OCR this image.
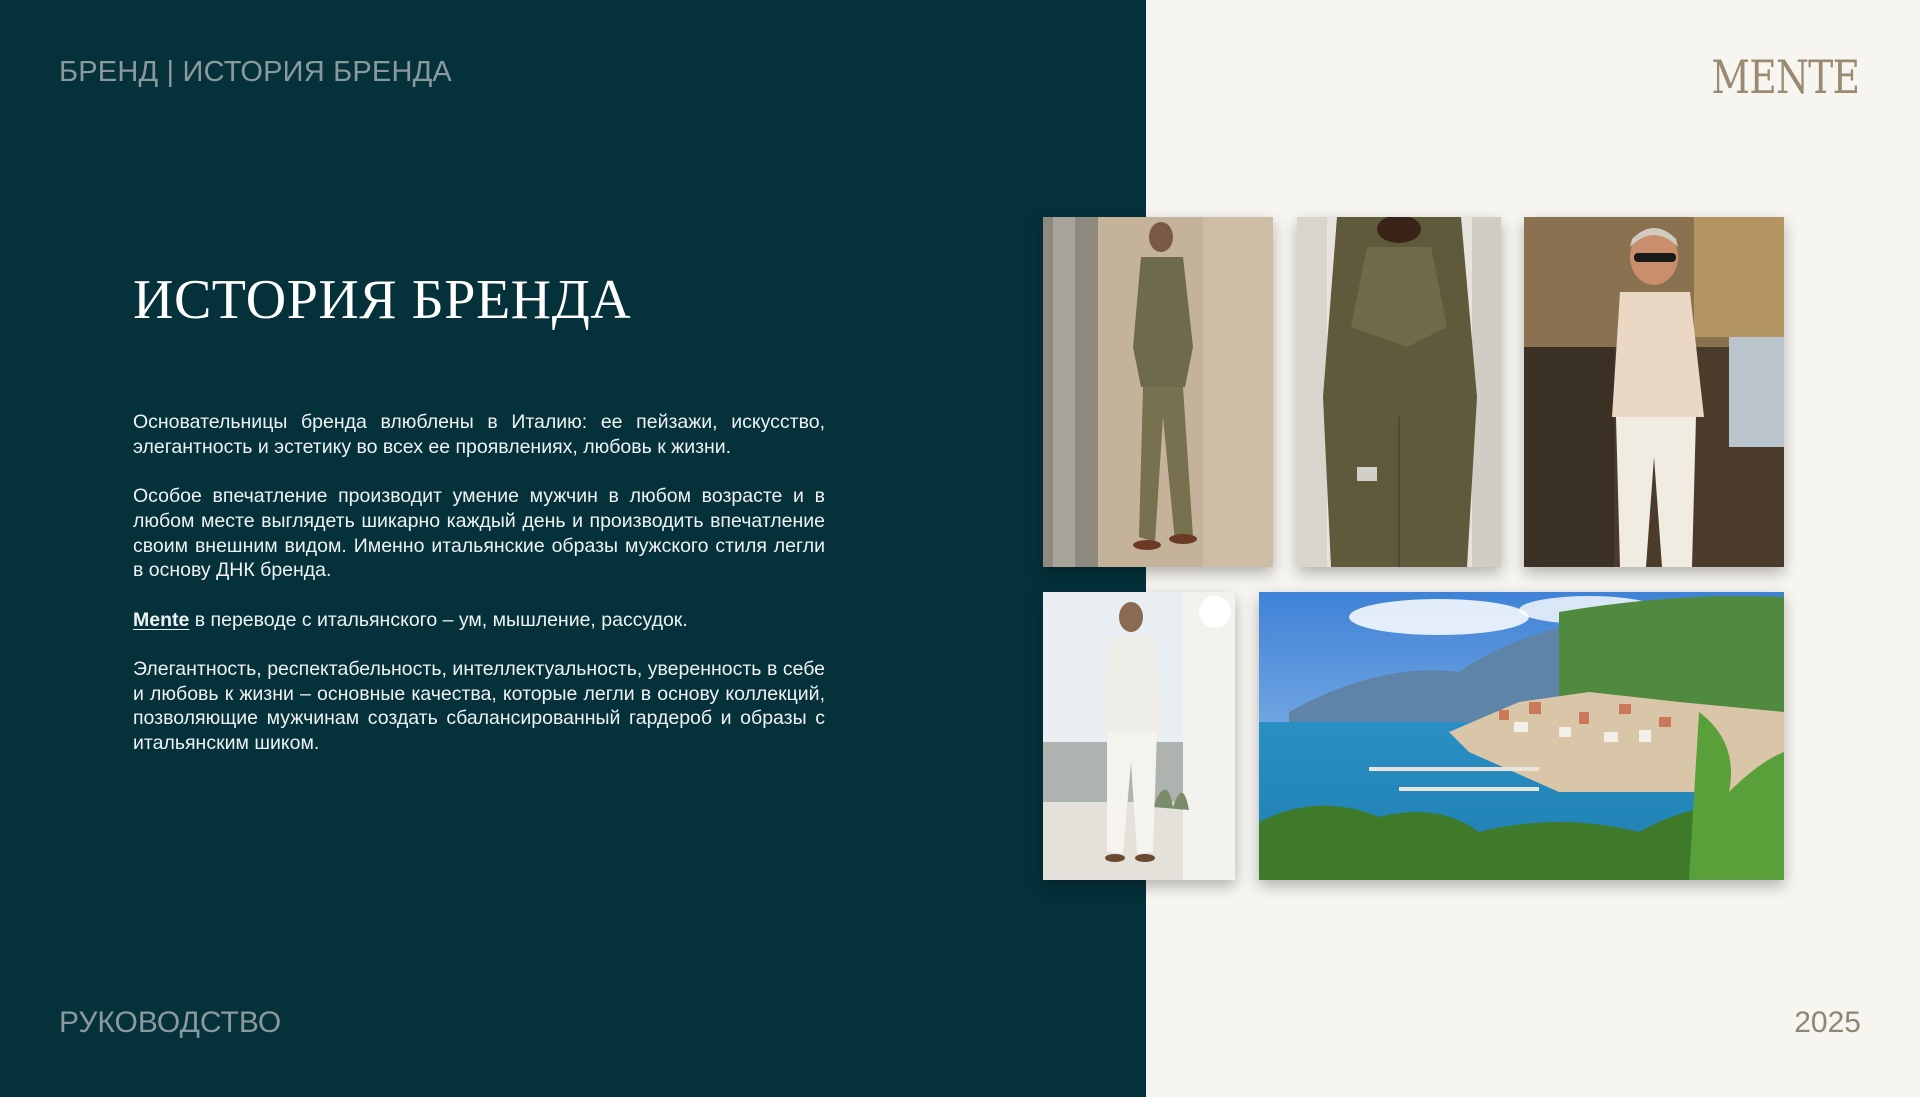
БРЕНД | ИСТОРИЯ БРЕНДА	MENTE
ИСТОРИЯ БРЕНДА

Основательницы бренда влюблены в Италию: ее пейзажи, искусство, элегантность и эстетику во всех ее проявлениях, любовь к жизни.

Особое впечатление производит умение мужчин в любом возрасте и в любом месте выглядеть шикарно каждый день и производить впечатление своим внешним видом. Именно итальянские образы мужского стиля легли в основу ДНК бренда.

Mente в переводе с итальянского – ум, мышление, рассудок.

Элегантность, респектабельность, интеллектуальность, уверенность в себе и любовь к жизни – основные качества, которые легли в основу коллекций, позволяющие мужчинам создать сбалансированный гардероб и образы с итальянским шиком.

РУКОВОДСТВО	2025
